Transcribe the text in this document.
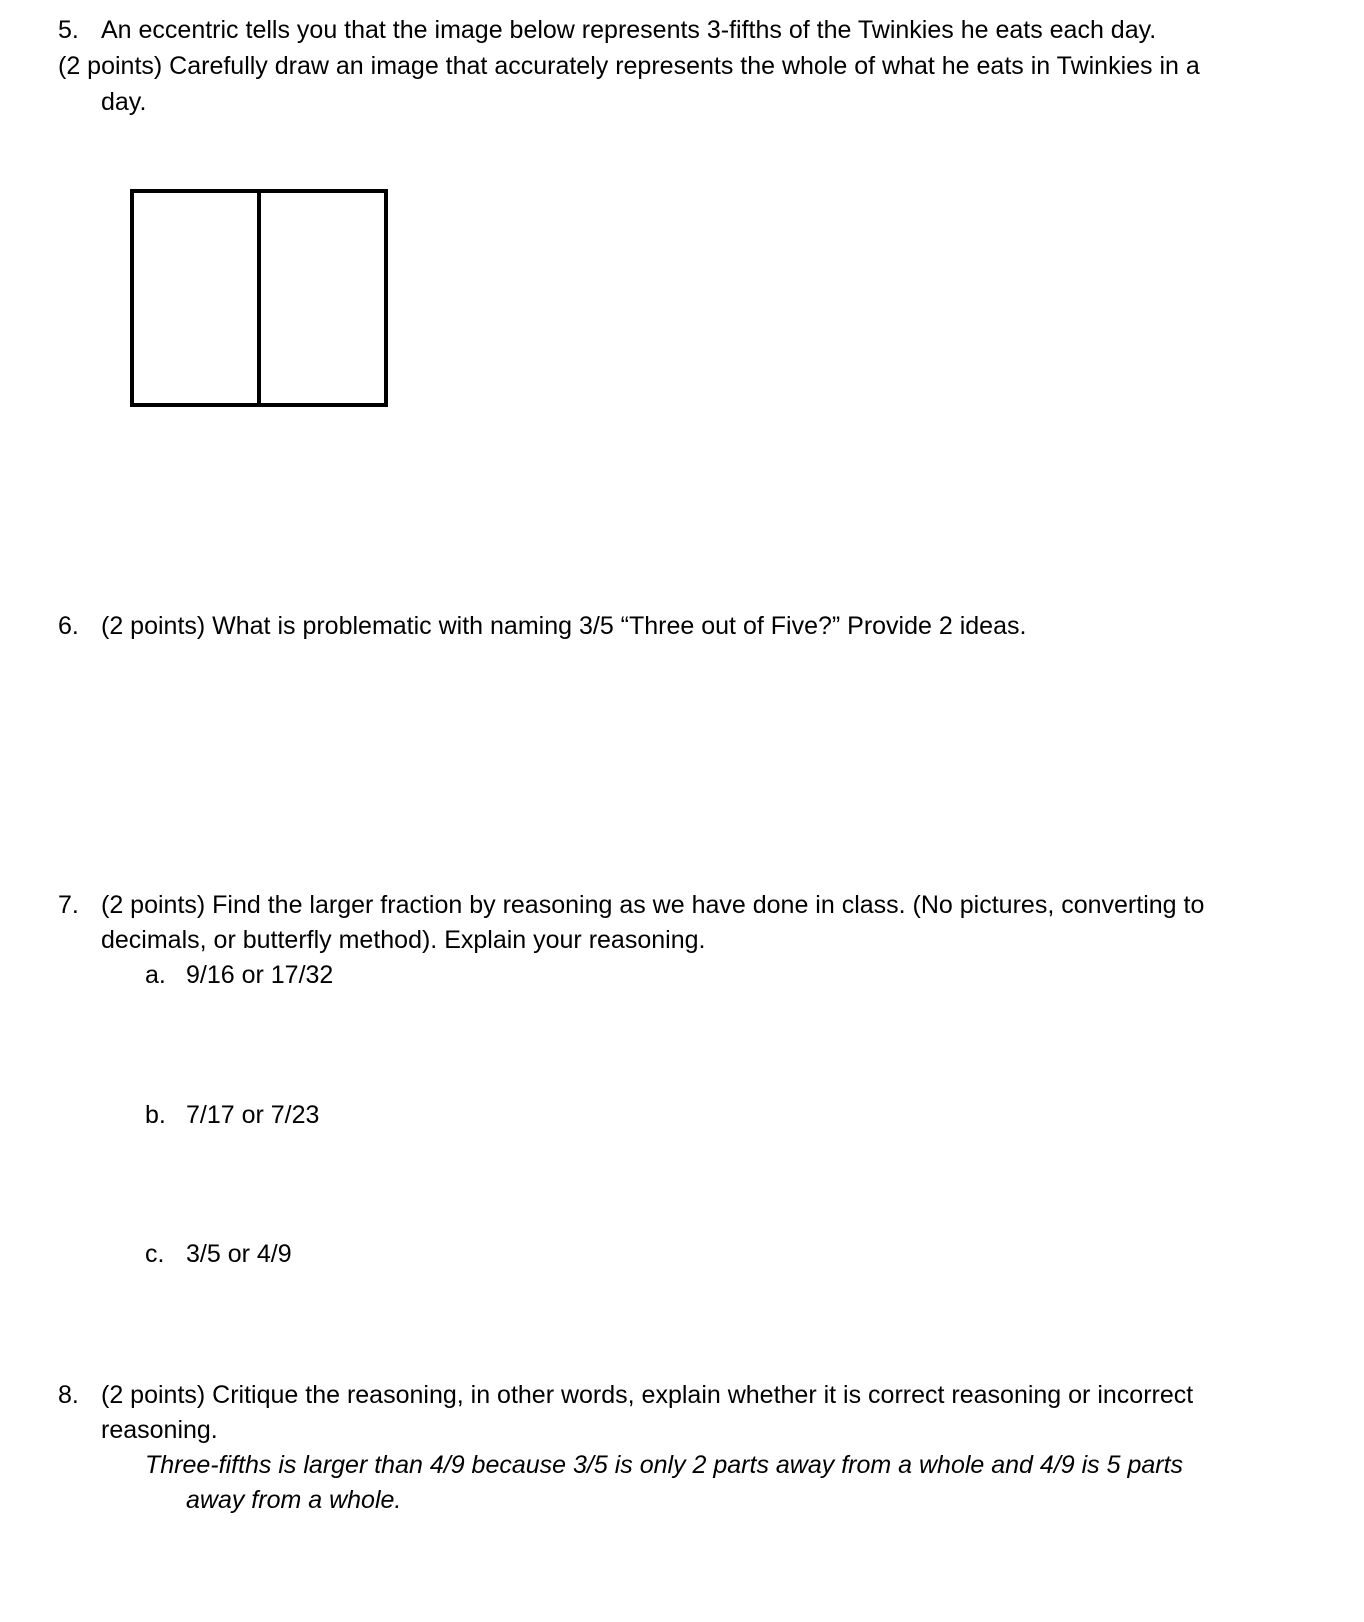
5. An eccentric tells you that the image below represents 3-fifths of the Twinkies he eats each day.
(2 points) Carefully draw an image that accurately represents the whole of what he eats in Twinkies in a
day.
6. (2 points) What is problematic with naming 3/5 “Three out of Five?” Provide 2 ideas.
7. (2 points) Find the larger fraction by reasoning as we have done in class. (No pictures, converting to
decimals, or butterfly method). Explain your reasoning.
a. 9/16 or 17/32
b. 7/17 or 7/23
c. 3/5 or 4/9
8. (2 points) Critique the reasoning, in other words, explain whether it is correct reasoning or incorrect
reasoning.
Three-fifths is larger than 4/9 because 3/5 is only 2 parts away from a whole and 4/9 is 5 parts
away from a whole.
